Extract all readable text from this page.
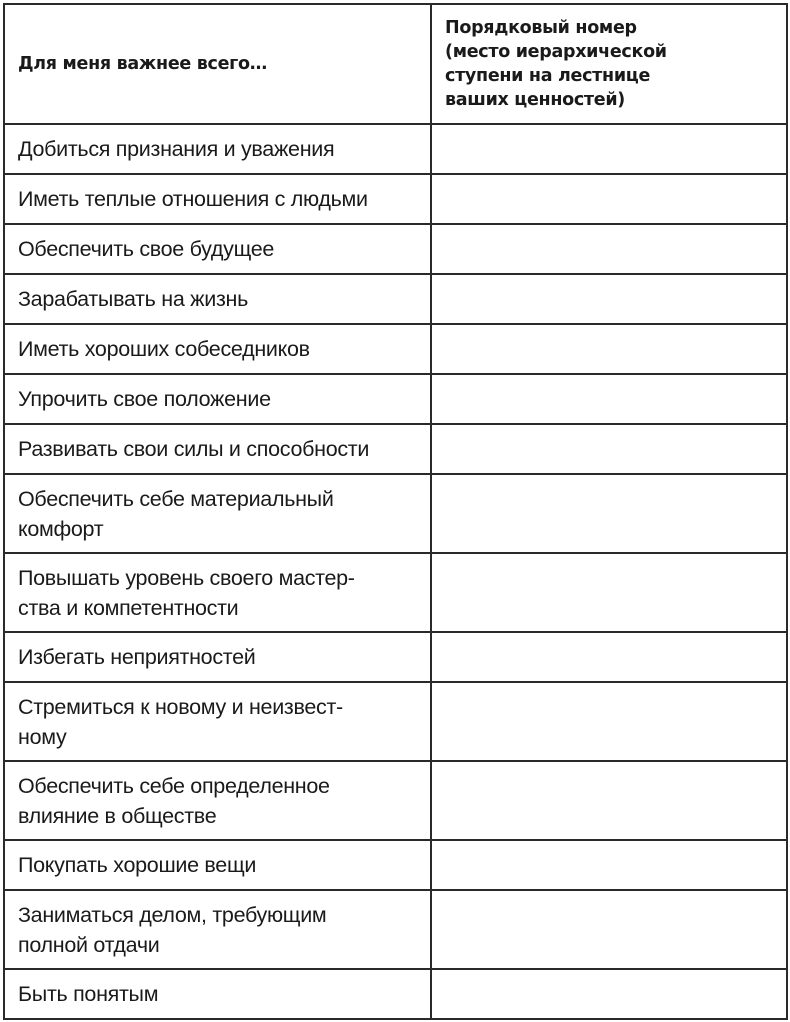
Для меня важнее всего…	Порядковый номер
(место иерархической
ступени на лестнице
ваших ценностей)

Добиться признания и уважения	
Иметь теплые отношения с людьми	
Обеспечить свое будущее	
Зарабатывать на жизнь	
Иметь хороших собеседников	
Упрочить свое положение	
Развивать свои силы и способности	

Обеспечить себе материальный
комфорт	

Повышать уровень своего мастер-
ства и компетентности	

Избегать неприятностей	

Стремиться к новому и неизвест-
ному	

Обеспечить себе определенное
влияние в обществе	

Покупать хорошие вещи	

Заниматься делом, требующим
полной отдачи	

Быть понятым	
